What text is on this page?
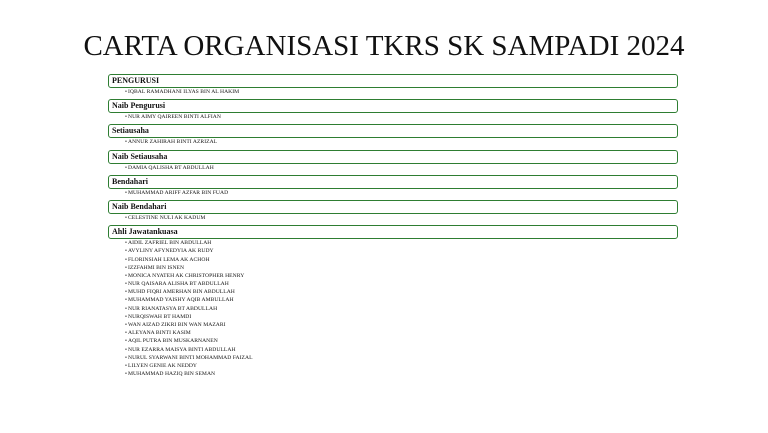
CARTA ORGANISASI TKRS SK SAMPADI 2024
PENGURUSI
•IQBAL RAMADHANI ILYAS BIN AL HAKIM
Naib Pengurusi
•NUR AIMY QAIREEN BINTI ALFIAN
Setiausaha
•ANNUR ZAHIRAH BINTI AZRIZAL
Naib Setiausaha
•DAMIA QALISHA BT ABDULLAH
Bendahari
•MUHAMMAD ARIFF AZFAR BIN FUAD
Naib Bendahari
•CELESTINE NULI AK KADUM
Ahli Jawatankuasa
•AIDIL ZAFRIEL BIN ABDULLAH
•AVYLINY AFYNEDYIA AK RUDY
•FLORINSIAH LEMA AK ACHOH
•IZZFAHMI BIN ISNEN
•MONICA NYATEH AK CHRISTOPHER HENRY
•NUR QAISARA ALISHA BT ABDULLAH
•MUHD FIQRI AMERHAN BIN ABDULLAH
•MUHAMMAD YAISHY AQIB AMBULLAH
•NUR RIANATASYA BT ABDULLAH
•NURQISWAH BT HAMDI
•WAN AIZAD ZIKRI BIN WAN MAZARI
•ALEYANA BINTI KASIM
•AQIL PUTRA BIN MUSKARNANEN
•NUR EZARRA MAISYA BINTI ABDULLAH
•NURUL SYARWANI BINTI MOHAMMAD FAIZAL
•LILYEN GENIE AK NEDDY
•MUHAMMAD HAZIQ BIN SEMAN
